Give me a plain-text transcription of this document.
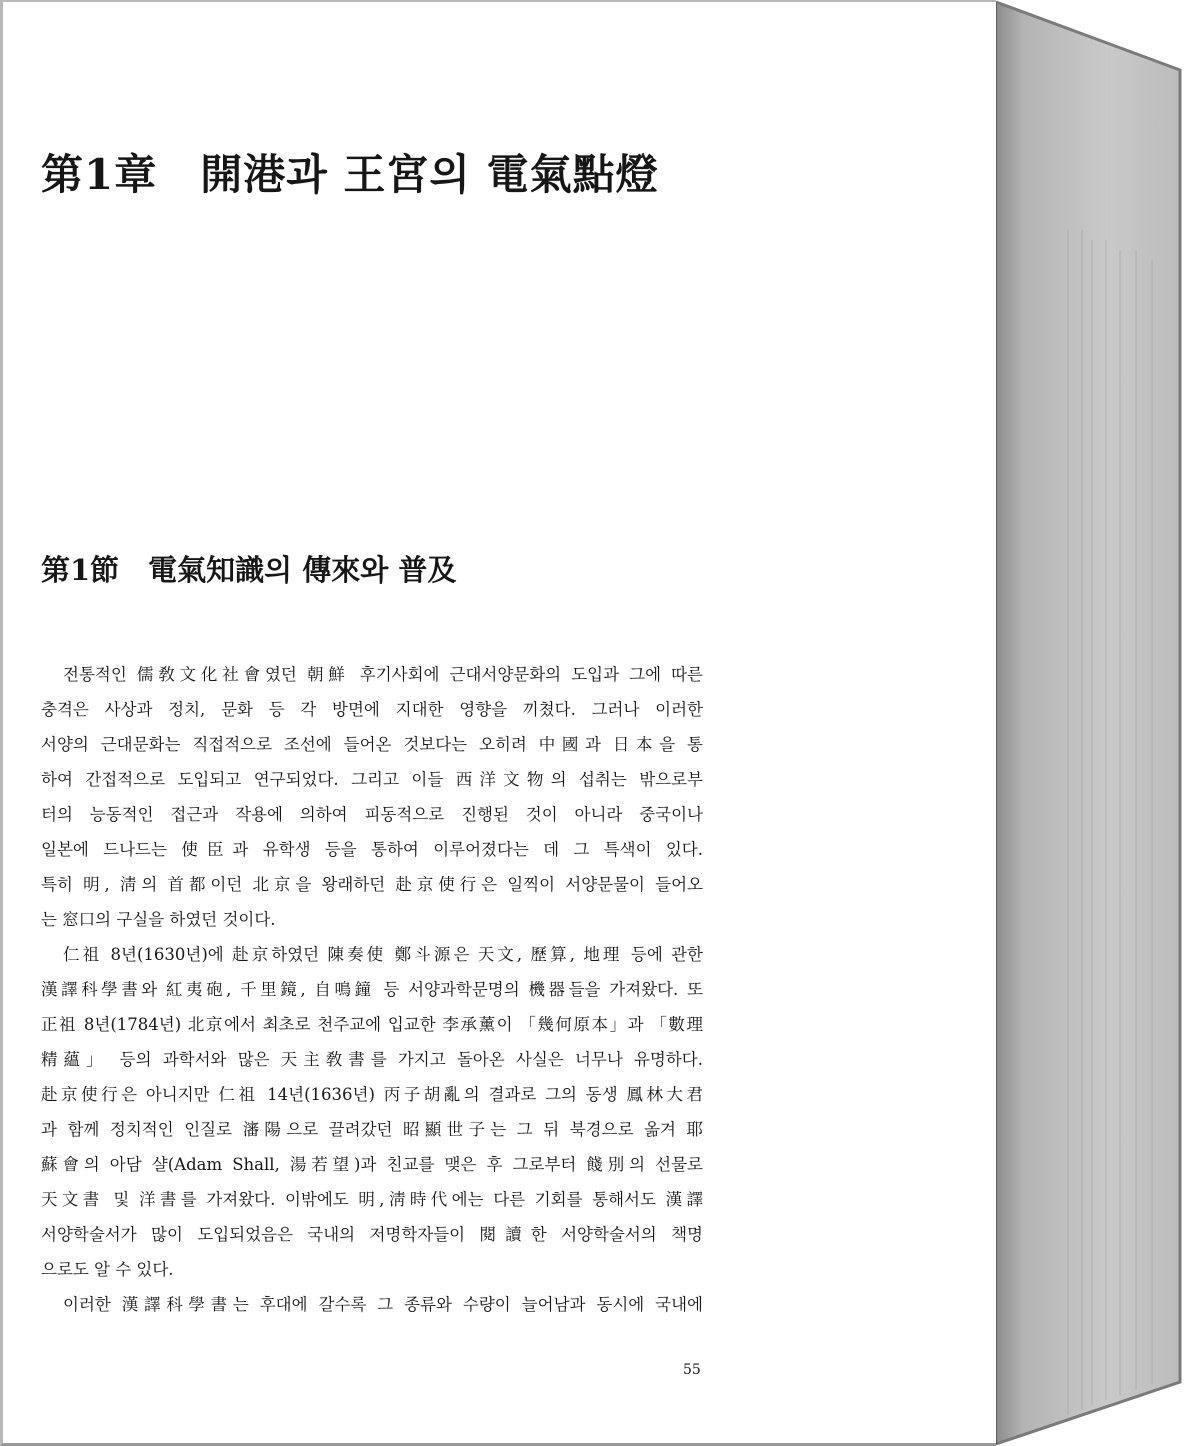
第1章　開港과 王宮의 電氣點燈
第1節　電氣知識의 傳來와 普及
전통적인 儒敎文化社會였던 朝鮮 후기사회에 근대서양문화의 도입과 그에 따른
충격은 사상과 정치, 문화 등 각 방면에 지대한 영향을 끼쳤다. 그러나 이러한
서양의 근대문화는 직접적으로 조선에 들어온 것보다는 오히려 中國과 日本을 통
하여 간접적으로 도입되고 연구되었다. 그리고 이들 西洋文物의 섭취는 밖으로부
터의 능동적인 접근과 작용에 의하여 피동적으로 진행된 것이 아니라 중국이나
일본에 드나드는 使臣과 유학생 등을 통하여 이루어졌다는 데 그 특색이 있다.
특히 明, 淸의 首都이던 北京을 왕래하던 赴京使行은 일찍이 서양문물이 들어오
는 窓口의 구실을 하였던 것이다.
仁祖 8년(1630년)에 赴京하였던 陳奏使 鄭斗源은 天文, 歷算, 地理 등에 관한
漢譯科學書와 紅夷砲, 千里鏡, 自鳴鐘 등 서양과학문명의 機器들을 가져왔다. 또
正祖 8년(1784년) 北京에서 최초로 천주교에 입교한 李承薰이 「幾何原本」과 「數理
精蘊」 등의 과학서와 많은 天主敎書를 가지고 돌아온 사실은 너무나 유명하다.
赴京使行은 아니지만 仁祖 14년(1636년) 丙子胡亂의 결과로 그의 동생 鳳林大君
과 함께 정치적인 인질로 瀋陽으로 끌려갔던 昭顯世子는 그 뒤 북경으로 옮겨 耶
蘇會의 아담 샬(Adam Shall, 湯若望)과 친교를 맺은 후 그로부터 餞別의 선물로
天文書 및 洋書를 가져왔다. 이밖에도 明,淸時代에는 다른 기회를 통해서도 漢譯
서양학술서가 많이 도입되었음은 국내의 저명학자들이 閱讀한 서양학술서의 책명
으로도 알 수 있다.
이러한 漢譯科學書는 후대에 갈수록 그 종류와 수량이 늘어남과 동시에 국내에
55
